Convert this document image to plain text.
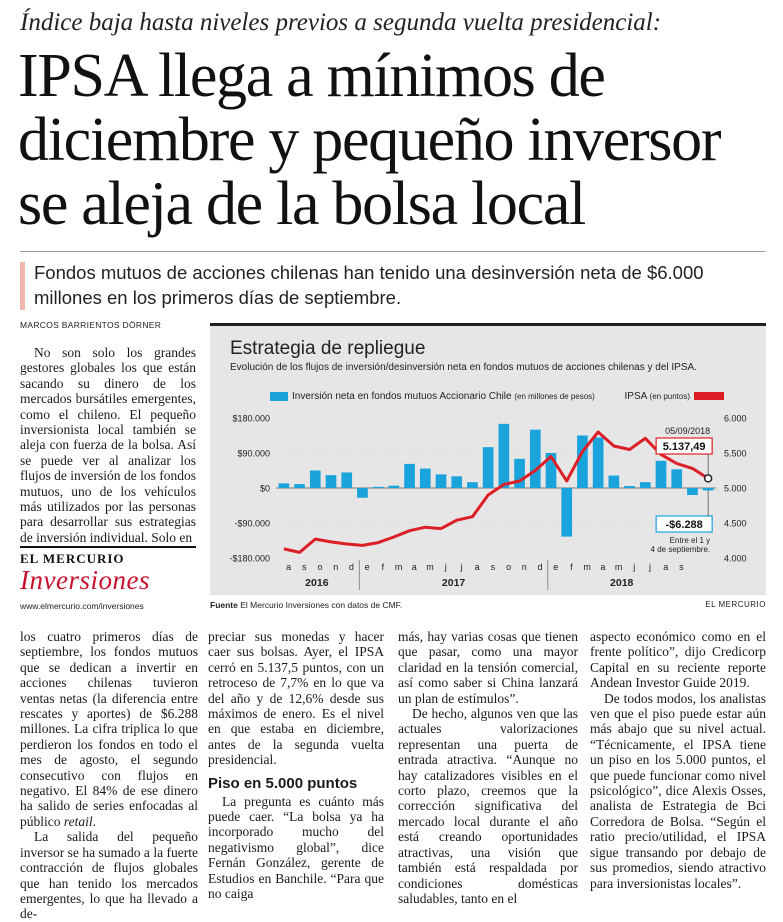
Índice baja hasta niveles previos a segunda vuelta presidencial:
IPSA llega a mínimos de
diciembre y pequeño inversor
se aleja de la bolsa local
Fondos mutuos de acciones chilenas han tenido una desinversión neta de $6.000 millones en los primeros días de septiembre.
MARCOS BARRIENTOS DÖRNER

No son solo los grandes gestores globales los que están sacando su dinero de los mercados bursátiles emergentes, como el chileno. El pequeño inversionista local también se aleja con fuerza de la bolsa. Así se puede ver al analizar los flujos de inversión de los fondos mutuos, uno de los vehículos más utilizados por las personas para desarrollar sus estrategias de inversión individual. Solo en

EL MERCURIO
Inversiones
www.elmercurio.com/inversiones
Estrategia de repliegue
Evolución de los flujos de inversión/desinversión neta en fondos mutuos de acciones chilenas y del IPSA.
Inversión neta en fondos mutuos Accionario Chile (en millones de pesos)	IPSA (en puntos)
$180.000
$90.000
$0
-$90.000
-$180.000
6.000
5.500
5.000
4.500
4.000
a s o n d e f m a m j j a s o n d e f m a m j j a s
2016	2017	2018
05/09/2018
5.137,49
-$6.288
Entre el 1 y
4 de septiembre.
Fuente El Mercurio Inversiones con datos de CMF.	EL MERCURIO

los cuatro primeros días de septiembre, los fondos mutuos que se dedican a invertir en acciones chilenas tuvieron ventas netas (la diferencia entre rescates y aportes) de $6.288 millones. La cifra triplica lo que perdieron los fondos en todo el mes de agosto, el segundo consecutivo con flujos en negativo. El 84% de ese dinero ha salido de series enfocadas al público retail.

La salida del pequeño inversor se ha sumado a la fuerte contracción de flujos globales que han tenido los mercados emergentes, lo que ha llevado a de-

preciar sus monedas y hacer caer sus bolsas. Ayer, el IPSA cerró en 5.137,5 puntos, con un retroceso de 7,7% en lo que va del año y de 12,6% desde sus máximos de enero. Es el nivel en que estaba en diciembre, antes de la segunda vuelta presidencial.

Piso en 5.000 puntos

La pregunta es cuánto más puede caer. “La bolsa ya ha incorporado mucho del negativismo global”, dice Fernán González, gerente de Estudios en Banchile. “Para que no caiga

más, hay varias cosas que tienen que pasar, como una mayor claridad en la tensión comercial, así como saber si China lanzará un plan de estímulos”.

De hecho, algunos ven que las actuales valorizaciones representan una puerta de entrada atractiva. “Aunque no hay catalizadores visibles en el corto plazo, creemos que la corrección significativa del mercado local durante el año está creando oportunidades atractivas, una visión que también está respaldada por condiciones domésticas saludables, tanto en el

aspecto económico como en el frente político”, dijo Credicorp Capital en su reciente reporte Andean Investor Guide 2019.

De todos modos, los analistas ven que el piso puede estar aún más abajo que su nivel actual. “Técnicamente, el IPSA tiene un piso en los 5.000 puntos, el que puede funcionar como nivel psicológico”, dice Alexis Osses, analista de Estrategia de Bci Corredora de Bolsa. “Según el ratio precio/utilidad, el IPSA sigue transando por debajo de sus promedios, siendo atractivo para inversionistas locales”.
